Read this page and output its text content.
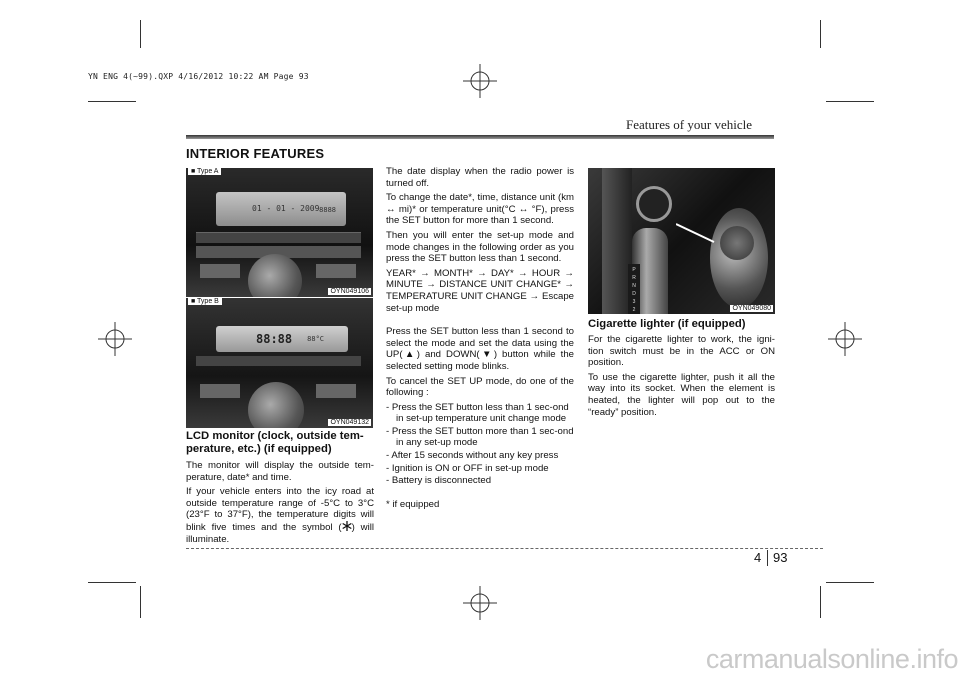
YN ENG 4(~99).QXP 4/16/2012 10:22 AM Page 93
Features of your vehicle
INTERIOR FEATURES
01 - 01 - 2009 8888
■ Type A
OYN049106
88:88 88°C
■ Type B
OYN049132
LCD monitor (clock, outside tem-perature, etc.) (if equipped)

The monitor will display the outside tem-perature, date* and time.

If your vehicle enters into the icy road at outside temperature range of -5°C to 3°C (23°F to 37°F), the temperature digits will blink five times and the symbol ( ) will illuminate.

The date display when the radio power is turned off.

To change the date*, time, distance unit (km ↔ mi)* or temperature unit(°C ↔ °F), press the SET button for more than 1 second.

Then you will enter the set-up mode and mode changes in the following order as you press the SET button less than 1 second.

YEAR* → MONTH* → DAY* → HOUR → MINUTE → DISTANCE UNIT CHANGE* → TEMPERATURE UNIT CHANGE → Escape set-up mode

Press the SET button less than 1 second to select the mode and set the data using the UP(▲) and DOWN(▼) button while the selected setting mode blinks.

To cancel the SET UP mode, do one of the following :

- Press the SET button less than 1 sec-ond in set-up temperature unit change mode
- Press the SET button more than 1 sec-ond in any set-up mode
- After 15 seconds without any key press
- Ignition is ON or OFF in set-up mode
- Battery is disconnected

* if equipped

P
R
N
D
3
2	OYN049080
Cigarette lighter (if equipped)

For the cigarette lighter to work, the igni-tion switch must be in the ACC or ON position.

To use the cigarette lighter, push it all the way into its socket. When the element is heated, the lighter will pop out to the “ready” position.

4 93
carmanualsonline.info
